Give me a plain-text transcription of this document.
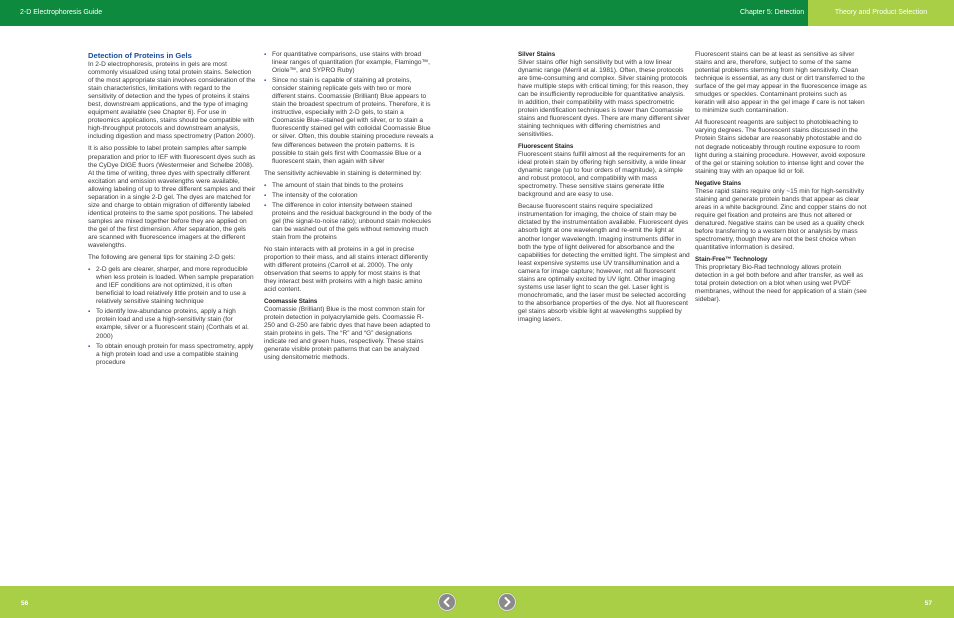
2-D Electrophoresis Guide	Chapter 5: Detection	Theory and Product Selection
Detection of Proteins in Gels

In 2-D electrophoresis, proteins in gels are most commonly visualized using total protein stains. Selection of the most appropriate stain involves consideration of the stain characteristics, limitations with regard to the sensitivity of detection and the types of proteins it stains best, downstream applications, and the type of imaging equipment available (see Chapter 6). For use in proteomics applications, stains should be compatible with high-throughput protocols and downstream analysis, including digestion and mass spectrometry (Patton 2000).

It is also possible to label protein samples after sample preparation and prior to IEF with fluorescent dyes such as the CyDye DIGE fluors (Westermeier and Schelbe 2008). At the time of writing, three dyes with spectrally different excitation and emission wavelengths were available, allowing labeling of up to three different samples and their separation in a single 2-D gel. The dyes are matched for size and charge to obtain migration of differently labeled identical proteins to the same spot positions. The labeled samples are mixed together before they are applied on the gel of the first dimension. After separation, the gels are scanned with fluorescence imagers at the different wavelengths.

The following are general tips for staining 2-D gels:

▪ 2-D gels are clearer, sharper, and more reproducible when less protein is loaded. When sample preparation and IEF conditions are not optimized, it is often beneficial to load relatively little protein and to use a relatively sensitive staining technique
▪ To identify low-abundance proteins, apply a high protein load and use a high-sensitivity stain (for example, silver or a fluorescent stain) (Corthals et al. 2000)
▪ To obtain enough protein for mass spectrometry, apply a high protein load and use a compatible staining procedure
▪ For quantitative comparisons, use stains with broad linear ranges of quantitation (for example, Flamingo™, Oriole™, and SYPRO Ruby)
▪ Since no stain is capable of staining all proteins, consider staining replicate gels with two or more different stains. Coomassie (Brilliant) Blue appears to stain the broadest spectrum of proteins. Therefore, it is instructive, especially with 2-D gels, to stain a Coomassie Blue–stained gel with silver, or to stain a fluorescently stained gel with colloidal Coomassie Blue or silver. Often, this double staining procedure reveals a few differences between the protein patterns. It is possible to stain gels first with Coomassie Blue or a fluorescent stain, then again with silver

The sensitivity achievable in staining is determined by:

▪ The amount of stain that binds to the proteins
▪ The intensity of the coloration
▪ The difference in color intensity between stained proteins and the residual background in the body of the gel (the signal-to-noise ratio); unbound stain molecules can be washed out of the gels without removing much stain from the proteins

No stain interacts with all proteins in a gel in precise proportion to their mass, and all stains interact differently with different proteins (Carroll et al. 2000). The only observation that seems to apply for most stains is that they interact best with proteins with a high basic amino acid content.

Coomassie Stains

Coomassie (Brilliant) Blue is the most common stain for protein detection in polyacrylamide gels. Coomassie R-250 and G-250 are fabric dyes that have been adapted to stain proteins in gels. The “R” and “G” designations indicate red and green hues, respectively. These stains generate visible protein patterns that can be analyzed using densitometric methods.

Silver Stains

Silver stains offer high sensitivity but with a low linear dynamic range (Merril et al. 1981). Often, these protocols are time-consuming and complex. Silver staining protocols have multiple steps with critical timing; for this reason, they can be insufficiently reproducible for quantitative analysis. In addition, their compatibility with mass spectrometric protein identification techniques is lower than Coomassie stains and fluorescent dyes. There are many different silver staining techniques with differing chemistries and sensitivities.

Fluorescent Stains

Fluorescent stains fulfill almost all the requirements for an ideal protein stain by offering high sensitivity, a wide linear dynamic range (up to four orders of magnitude), a simple and robust protocol, and compatibility with mass spectrometry. These sensitive stains generate little background and are easy to use.

Because fluorescent stains require specialized instrumentation for imaging, the choice of stain may be dictated by the instrumentation available. Fluorescent dyes absorb light at one wavelength and re-emit the light at another longer wavelength. Imaging instruments differ in both the type of light delivered for absorbance and the capabilities for detecting the emitted light. The simplest and least expensive systems use UV transillumination and a camera for image capture; however, not all fluorescent stains are optimally excited by UV light. Other imaging systems use laser light to scan the gel. Laser light is monochromatic, and the laser must be selected according to the absorbance properties of the dye. Not all fluorescent gel stains absorb visible light at wavelengths supplied by imaging lasers.

Fluorescent stains can be at least as sensitive as silver stains and are, therefore, subject to some of the same potential problems stemming from high sensitivity. Clean technique is essential, as any dust or dirt transferred to the surface of the gel may appear in the fluorescence image as smudges or speckles. Contaminant proteins such as keratin will also appear in the gel image if care is not taken to minimize such contamination.

All fluorescent reagents are subject to photobleaching to varying degrees. The fluorescent stains discussed in the Protein Stains sidebar are reasonably photostable and do not degrade noticeably through routine exposure to room light during a staining procedure. However, avoid exposure of the gel or staining solution to intense light and cover the staining tray with an opaque lid or foil.

Negative Stains

These rapid stains require only ~15 min for high-sensitivity staining and generate protein bands that appear as clear areas in a white background. Zinc and copper stains do not require gel fixation and proteins are thus not altered or denatured. Negative stains can be used as a quality check before transferring to a western blot or analysis by mass spectrometry, though they are not the best choice when quantitative information is desired.

Stain-Free™ Technology

This proprietary Bio-Rad technology allows protein detection in a gel both before and after transfer, as well as total protein detection on a blot when using wet PVDF membranes, without the need for application of a stain (see sidebar).

56	57
